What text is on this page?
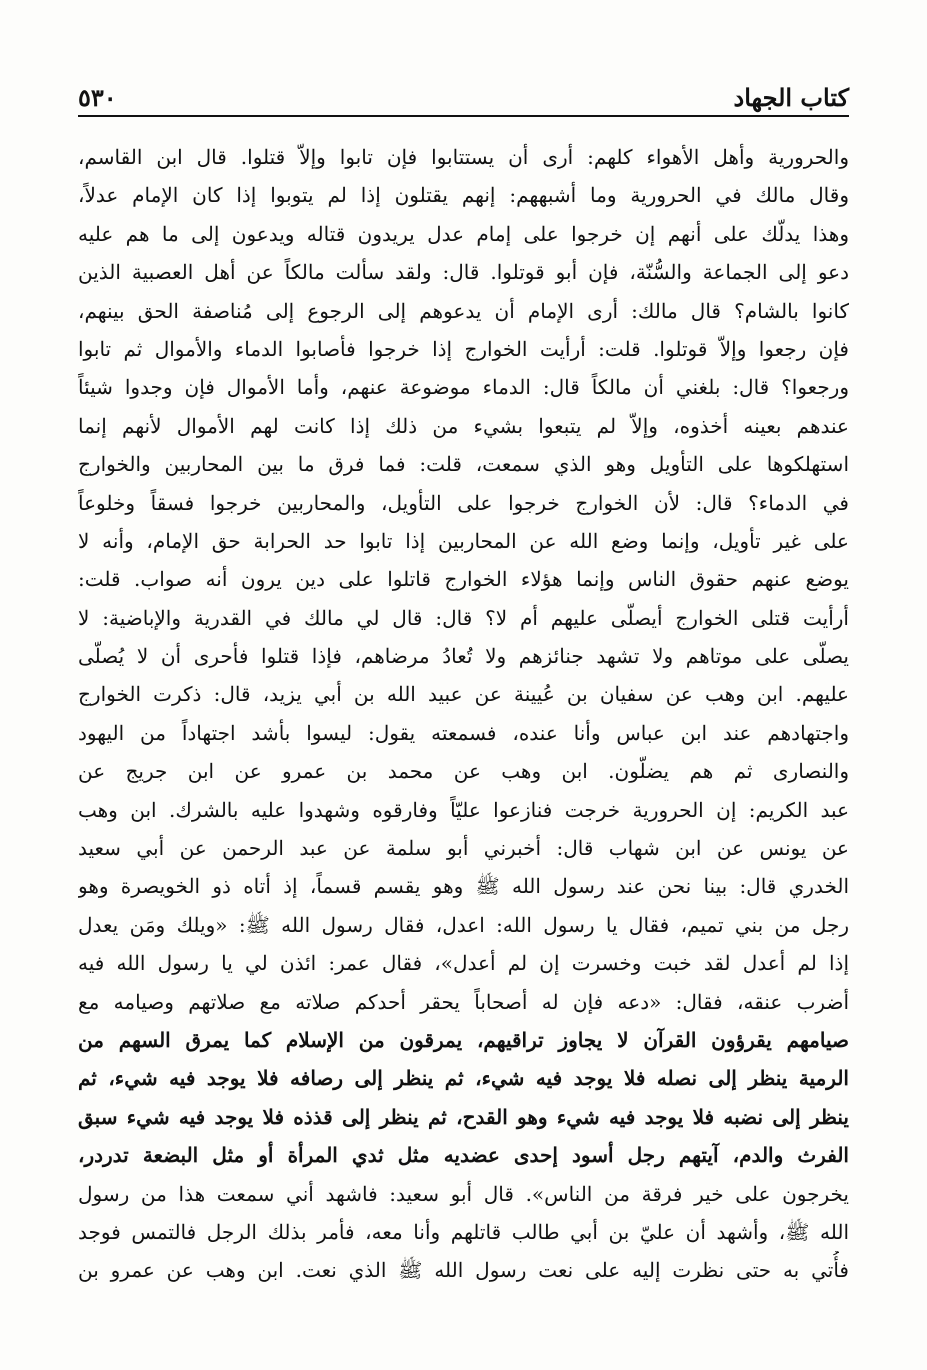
كتاب الجهاد
٥٣٠
والحرورية وأهل الأهواء كلهم: أرى أن يستتابوا فإن تابوا وإلاّ قتلوا. قال ابن القاسم،
وقال مالك في الحرورية وما أشبههم: إنهم يقتلون إذا لم يتوبوا إذا كان الإمام عدلاً،
وهذا يدلّك على أنهم إن خرجوا على إمام عدل يريدون قتاله ويدعون إلى ما هم عليه
دعو إلى الجماعة والسُّنّة، فإن أبو قوتلوا. قال: ولقد سألت مالكاً عن أهل العصبية الذين
كانوا بالشام؟ قال مالك: أرى الإمام أن يدعوهم إلى الرجوع إلى مُناصفة الحق بينهم،
فإن رجعوا وإلاّ قوتلوا. قلت: أرأيت الخوارج إذا خرجوا فأصابوا الدماء والأموال ثم تابوا
ورجعوا؟ قال: بلغني أن مالكاً قال: الدماء موضوعة عنهم، وأما الأموال فإن وجدوا شيئاً
عندهم بعينه أخذوه، وإلاّ لم يتبعوا بشيء من ذلك إذا كانت لهم الأموال لأنهم إنما
استهلكوها على التأويل وهو الذي سمعت، قلت: فما فرق ما بين المحاربين والخوارج
في الدماء؟ قال: لأن الخوارج خرجوا على التأويل، والمحاربين خرجوا فسقاً وخلوعاً
على غير تأويل، وإنما وضع الله عن المحاربين إذا تابوا حد الحرابة حق الإمام، وأنه لا
يوضع عنهم حقوق الناس وإنما هؤلاء الخوارج قاتلوا على دين يرون أنه صواب. قلت:
أرأيت قتلى الخوارج أيصلّى عليهم أم لا؟ قال: قال لي مالك في القدرية والإباضية: لا
يصلّى على موتاهم ولا تشهد جنائزهم ولا تُعادُ مرضاهم، فإذا قتلوا فأحرى أن لا يُصلّى
عليهم. ابن وهب عن سفيان بن عُيينة عن عبيد الله بن أبي يزيد، قال: ذكرت الخوارج
واجتهادهم عند ابن عباس وأنا عنده، فسمعته يقول: ليسوا بأشد اجتهاداً من اليهود
والنصارى ثم هم يضلّون. ابن وهب عن محمد بن عمرو عن ابن جريج عن
عبد الكريم: إن الحرورية خرجت فنازعوا عليّاً وفارقوه وشهدوا عليه بالشرك. ابن وهب
عن يونس عن ابن شهاب قال: أخبرني أبو سلمة عن عبد الرحمن عن أبي سعيد
الخدري قال: بينا نحن عند رسول الله ﷺ وهو يقسم قسماً، إذ أتاه ذو الخويصرة وهو
رجل من بني تميم، فقال يا رسول الله: اعدل، فقال رسول الله ﷺ: «ويلك ومَن يعدل
إذا لم أعدل لقد خبت وخسرت إن لم أعدل»، فقال عمر: ائذن لي يا رسول الله فيه
أضرب عنقه، فقال: «دعه فإن له أصحاباً يحقر أحدكم صلاته مع صلاتهم وصيامه مع
صيامهم يقرؤون القرآن لا يجاوز تراقيهم، يمرقون من الإسلام كما يمرق السهم من
الرمية ينظر إلى نصله فلا يوجد فيه شيء، ثم ينظر إلى رصافه فلا يوجد فيه شيء، ثم
ينظر إلى نضبه فلا يوجد فيه شيء وهو القدح، ثم ينظر إلى قذذه فلا يوجد فيه شيء سبق
الفرث والدم، آيتهم رجل أسود إحدى عضديه مثل ثدي المرأة أو مثل البضعة تدردر،
يخرجون على خير فرقة من الناس». قال أبو سعيد: فاشهد أني سمعت هذا من رسول
الله ﷺ، وأشهد أن عليّ بن أبي طالب قاتلهم وأنا معه، فأمر بذلك الرجل فالتمس فوجد
فأُتي به حتى نظرت إليه على نعت رسول الله ﷺ الذي نعت. ابن وهب عن عمرو بن
